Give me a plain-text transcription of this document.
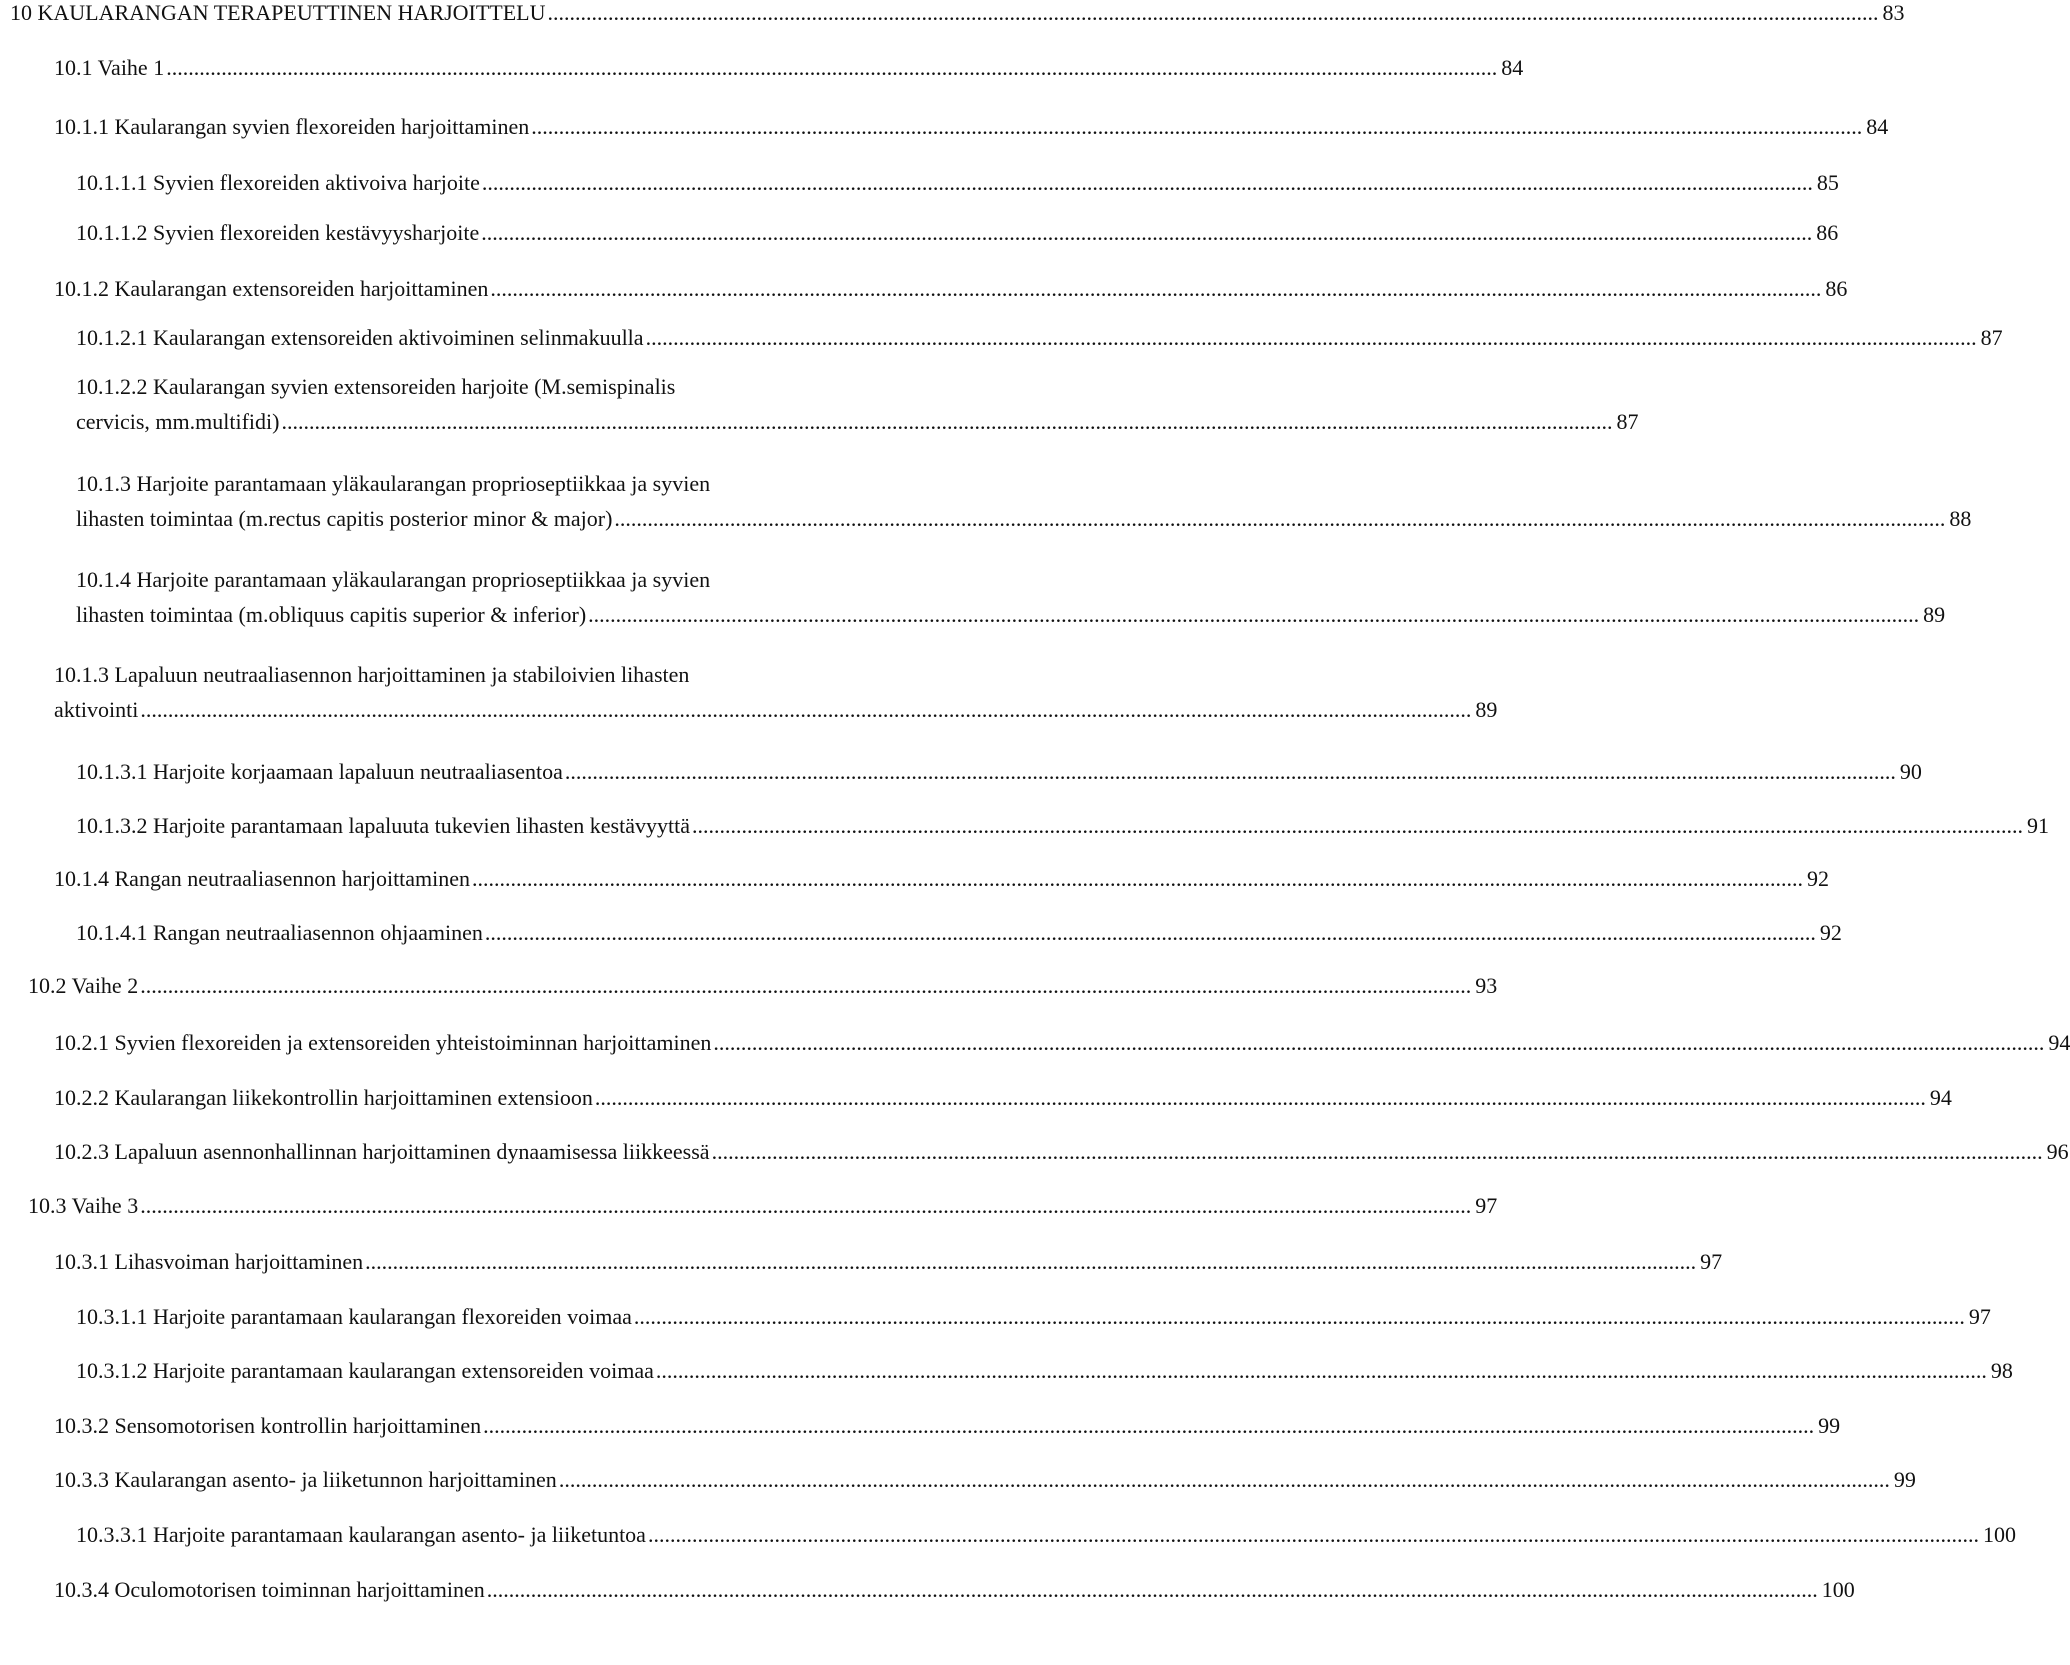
10 KAULARANGAN TERAPEUTTINEN HARJOITTELU .....	83
10.1 Vaihe 1 .....	84
10.1.1 Kaularangan syvien flexoreiden harjoittaminen .....	84
10.1.1.1 Syvien flexoreiden aktivoiva harjoite .....	85
10.1.1.2 Syvien flexoreiden kestävyysharjoite .....	86
10.1.2 Kaularangan extensoreiden harjoittaminen .....	86
10.1.2.1 Kaularangan extensoreiden aktivoiminen selinmakuulla .....	87
10.1.2.2 Kaularangan syvien extensoreiden harjoite (M.semispinalis
cervicis, mm.multifidi) .....	87
10.1.3 Harjoite parantamaan yläkaularangan proprioseptiikkaa ja syvien
lihasten toimintaa (m.rectus capitis posterior minor & major) .....	88
10.1.4 Harjoite parantamaan yläkaularangan proprioseptiikkaa ja syvien
lihasten toimintaa (m.obliquus capitis superior & inferior) .....	89
10.1.3 Lapaluun neutraaliasennon harjoittaminen ja stabiloivien lihasten
aktivointi .....	89
10.1.3.1 Harjoite korjaamaan lapaluun neutraaliasentoa .....	90
10.1.3.2 Harjoite parantamaan lapaluuta tukevien lihasten kestävyyttä .....	91
10.1.4 Rangan neutraaliasennon harjoittaminen .....	92
10.1.4.1 Rangan neutraaliasennon ohjaaminen .....	92
10.2 Vaihe 2 .....	93
10.2.1 Syvien flexoreiden ja extensoreiden yhteistoiminnan harjoittaminen .....	94
10.2.2 Kaularangan liikekontrollin harjoittaminen extensioon .....	94
10.2.3 Lapaluun asennonhallinnan harjoittaminen dynaamisessa liikkeessä .....	96
10.3 Vaihe 3 .....	97
10.3.1 Lihasvoiman harjoittaminen .....	97
10.3.1.1 Harjoite parantamaan kaularangan flexoreiden voimaa .....	97
10.3.1.2 Harjoite parantamaan kaularangan extensoreiden voimaa .....	98
10.3.2 Sensomotorisen kontrollin harjoittaminen .....	99
10.3.3 Kaularangan asento- ja liiketunnon harjoittaminen .....	99
10.3.3.1 Harjoite parantamaan kaularangan asento- ja liiketuntoa .....	100
10.3.4 Oculomotorisen toiminnan harjoittaminen .....	100
